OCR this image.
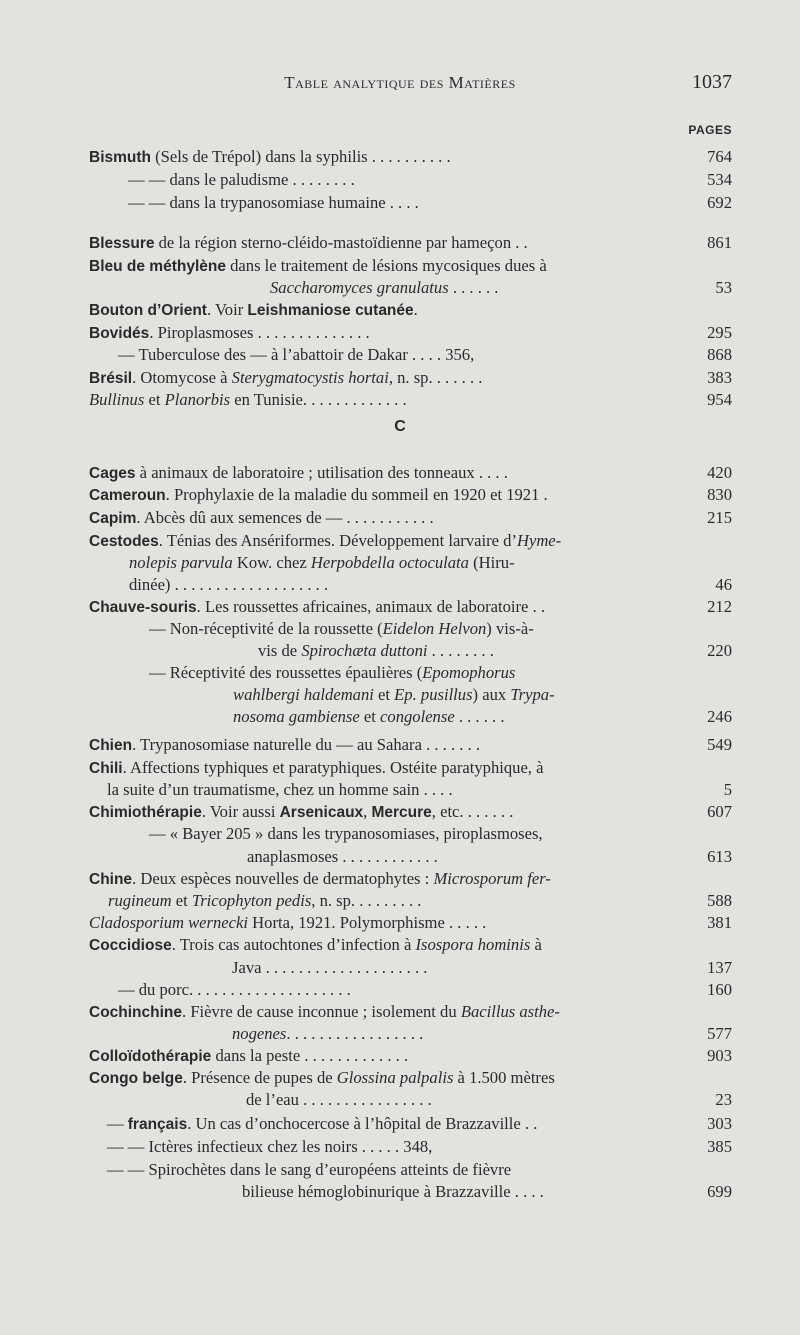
Table analytique des Matières	1037
PAGES
C
Bismuth (Sels de Trépol) dans la syphilis . . . . . . . . . .	764
— — dans le paludisme . . . . . . . .	534
— — dans la trypanosomiase humaine . . . .	692
Blessure de la région sterno-cléido-mastoïdienne par hameçon . .	861
Bleu de méthylène dans le traitement de lésions mycosiques dues à
Saccharomyces granulatus . . . . . .	53
Bouton d’Orient. Voir Leishmaniose cutanée.
Bovidés. Piroplasmoses . . . . . . . . . . . . . .	295
— Tuberculose des — à l’abattoir de Dakar . . . . 356,	868
Brésil. Otomycose à Sterygmatocystis hortai, n. sp. . . . . . .	383
Bullinus et Planorbis en Tunisie. . . . . . . . . . . . .	954
Cages à animaux de laboratoire ; utilisation des tonneaux . . . .	420
Cameroun. Prophylaxie de la maladie du sommeil en 1920 et 1921 .	830
Capim. Abcès dû aux semences de — . . . . . . . . . . .	215
Cestodes. Ténias des Ansériformes. Développement larvaire d’Hyme-
nolepis parvula Kow. chez Herpobdella octoculata (Hiru-
dinée) . . . . . . . . . . . . . . . . . . .	46
Chauve-souris. Les roussettes africaines, animaux de laboratoire . .	212
— Non-réceptivité de la roussette (Eidelon Helvon) vis-à-
vis de Spirochæta duttoni . . . . . . . .	220
— Réceptivité des roussettes épaulières (Epomophorus
wahlbergi haldemani et Ep. pusillus) aux Trypa-
nosoma gambiense et congolense . . . . . .	246
Chien. Trypanosomiase naturelle du — au Sahara . . . . . . .	549
Chili. Affections typhiques et paratyphiques. Ostéite paratyphique, à
la suite d’un traumatisme, chez un homme sain . . . .	5
Chimiothérapie. Voir aussi Arsenicaux, Mercure, etc. . . . . . .	607
— « Bayer 205 » dans les trypanosomiases, piroplasmoses,
anaplasmoses . . . . . . . . . . . .	613
Chine. Deux espèces nouvelles de dermatophytes : Microsporum fer-
rugineum et Tricophyton pedis, n. sp. . . . . . . . .	588
Cladosporium wernecki Horta, 1921. Polymorphisme . . . . .	381
Coccidiose. Trois cas autochtones d’infection à Isospora hominis à
Java . . . . . . . . . . . . . . . . . . . .	137
— du porc. . . . . . . . . . . . . . . . . . . .	160
Cochinchine. Fièvre de cause inconnue ; isolement du Bacillus asthe-
nogenes. . . . . . . . . . . . . . . . .	577
Colloïdothérapie dans la peste . . . . . . . . . . . . .	903
Congo belge. Présence de pupes de Glossina palpalis à 1.500 mètres
de l’eau . . . . . . . . . . . . . . . .	23
— français. Un cas d’onchocercose à l’hôpital de Brazzaville . .	303
— — Ictères infectieux chez les noirs . . . . . 348,	385
— — Spirochètes dans le sang d’européens atteints de fièvre
bilieuse hémoglobinurique à Brazzaville . . . .	699
